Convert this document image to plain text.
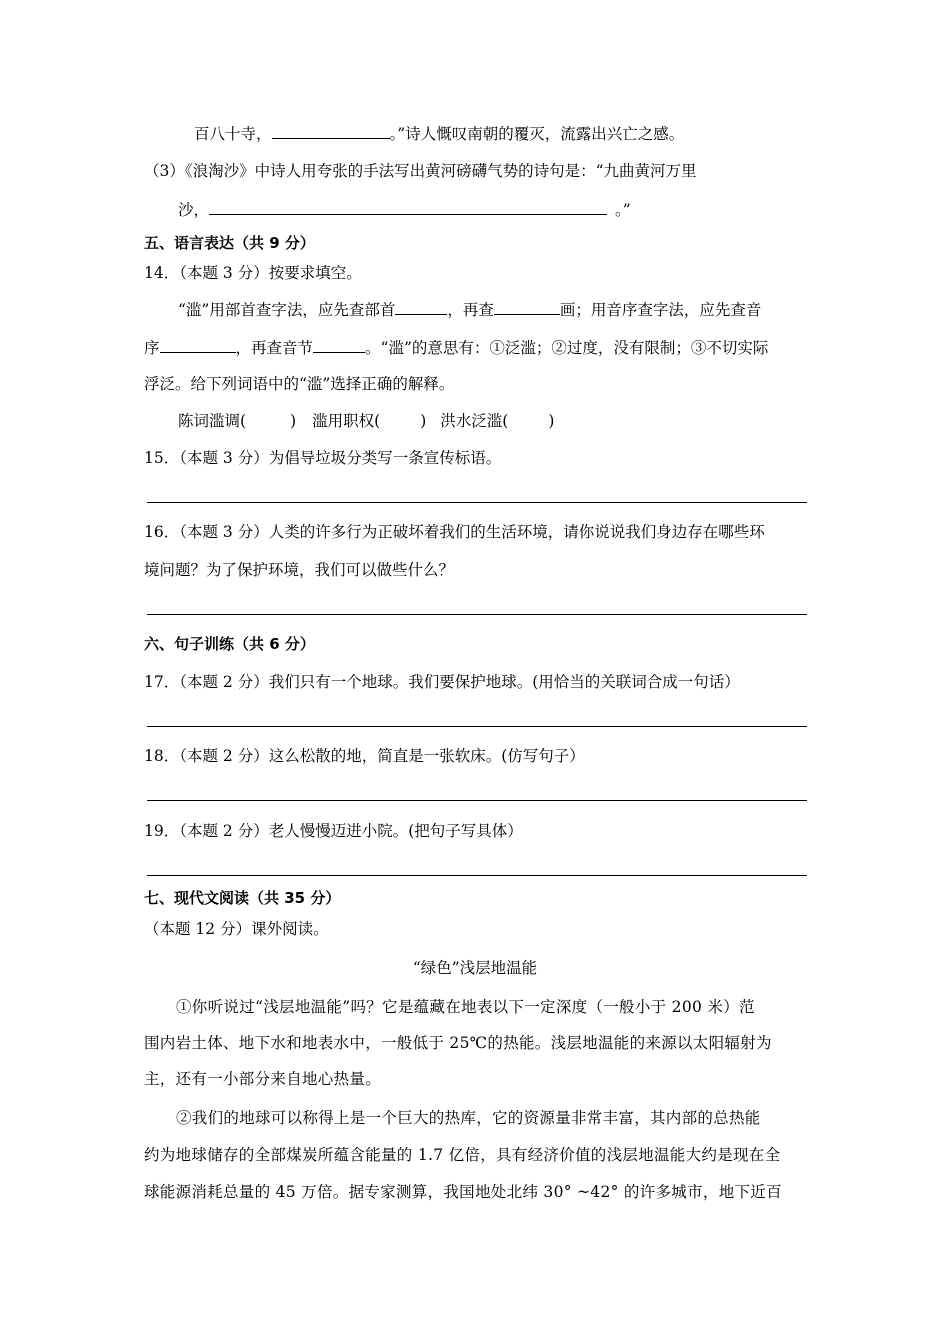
百八十寺，	。”诗人慨叹南朝的覆灭，流露出兴亡之感。
（3）《浪淘沙》中诗人用夸张的手法写出黄河磅礴气势的诗句是：“九曲黄河万里
沙，	。”
五、语言表达（共 9 分）
14．（本题 3 分）按要求填空。
“滥”用部首查字法，应先查部首	，再查	画；用音序查字法，应先查音
序	，再查音节	。“滥”的意思有：①泛滥；②过度，没有限制；③不切实际
浮泛。给下列词语中的“滥”选择正确的解释。
陈词滥调(	) 滥用职权(	) 洪水泛滥(	)
15．（本题 3 分）为倡导垃圾分类写一条宣传标语。
16．（本题 3 分）人类的许多行为正破坏着我们的生活环境，请你说说我们身边存在哪些环
境问题？为了保护环境，我们可以做些什么？
六、句子训练（共 6 分）
17．（本题 2 分）我们只有一个地球。我们要保护地球。(用恰当的关联词合成一句话）
18．（本题 2 分）这么松散的地，简直是一张软床。(仿写句子）
19．（本题 2 分）老人慢慢迈进小院。(把句子写具体）
七、现代文阅读（共 35 分）
（本题 12 分）课外阅读。
“绿色”浅层地温能
①你听说过“浅层地温能”吗？它是蕴藏在地表以下一定深度（一般小于 200 米）范
围内岩土体、地下水和地表水中，一般低于 25℃的热能。浅层地温能的来源以太阳辐射为
主，还有一小部分来自地心热量。
②我们的地球可以称得上是一个巨大的热库，它的资源量非常丰富，其内部的总热能
约为地球储存的全部煤炭所蕴含能量的 1.7 亿倍，具有经济价值的浅层地温能大约是现在全
球能源消耗总量的 45 万倍。据专家测算，我国地处北纬 30° ~42° 的许多城市，地下近百
